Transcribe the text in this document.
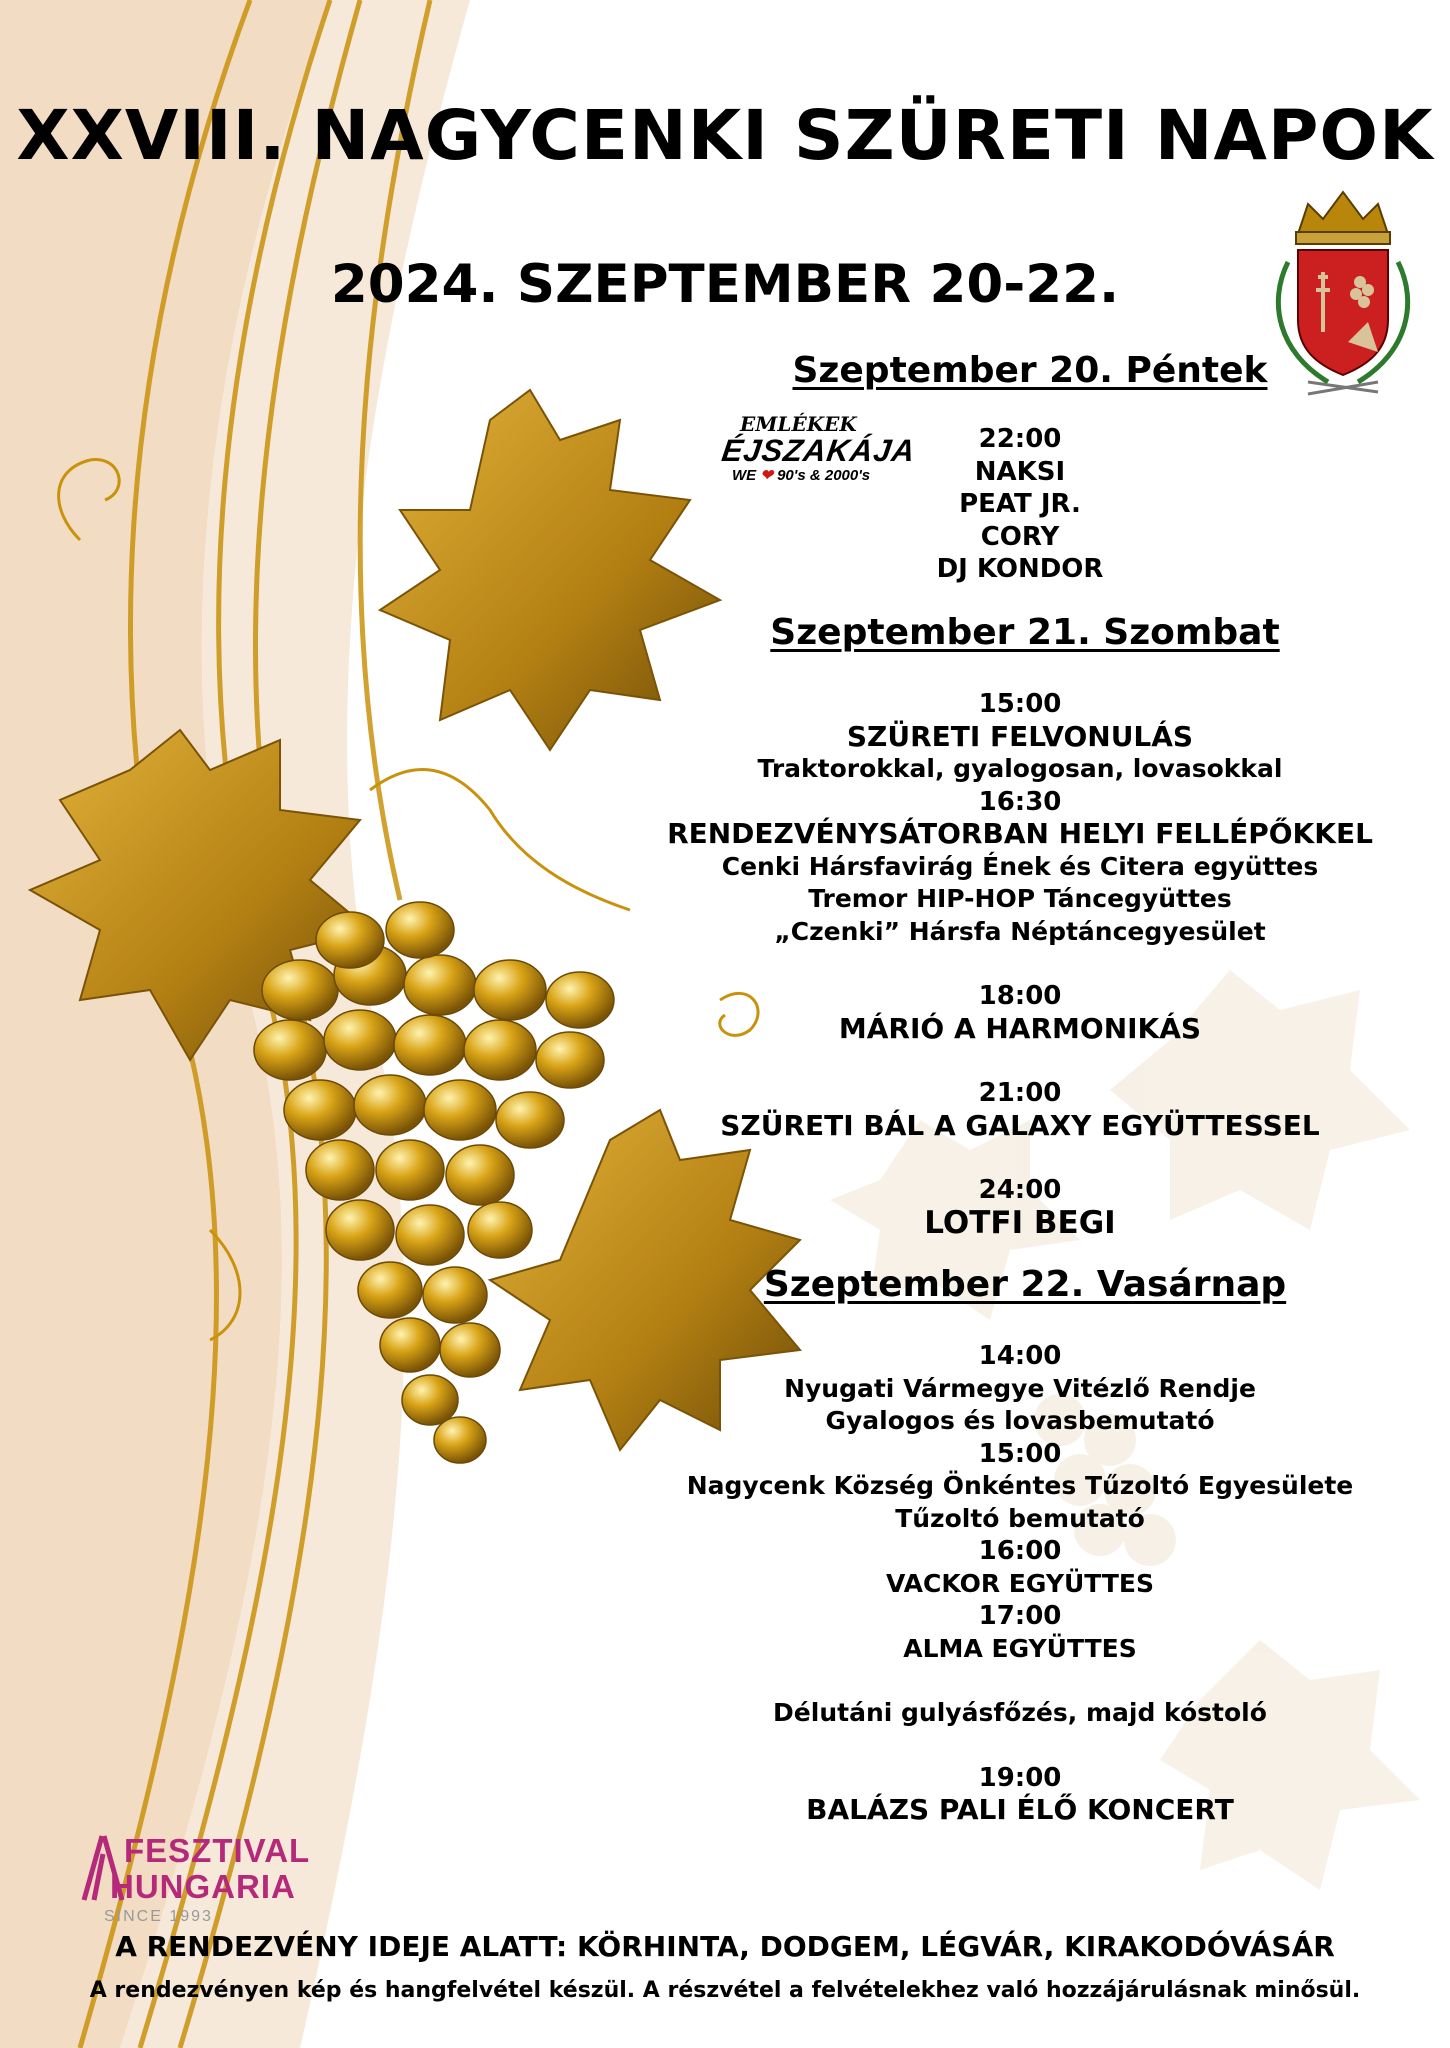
XXVIII. NAGYCENKI SZÜRETI NAPOK
2024. SZEPTEMBER 20-22.
Szeptember 20. Péntek
EMLÉKEK
ÉJSZAKÁJA
WE ❤ 90's & 2000's
22:00
NAKSI
PEAT JR.
CORY
DJ KONDOR
Szeptember 21. Szombat
15:00
SZÜRETI FELVONULÁS
Traktorokkal, gyalogosan, lovasokkal
16:30
RENDEZVÉNYSÁTORBAN HELYI FELLÉPŐKKEL
Cenki Hársfavirág Ének és Citera együttes
Tremor HIP-HOP Táncegyüttes
„Czenki” Hársfa Néptáncegyesület
18:00
MÁRIÓ A HARMONIKÁS
21:00
SZÜRETI BÁL A GALAXY EGYÜTTESSEL
24:00
LOTFI BEGI
Szeptember 22. Vasárnap
14:00
Nyugati Vármegye Vitézlő Rendje
Gyalogos és lovasbemutató
15:00
Nagycenk Község Önkéntes Tűzoltó Egyesülete
Tűzoltó bemutató
16:00
VACKOR EGYÜTTES
17:00
ALMA EGYÜTTES
Délutáni gulyásfőzés, majd kóstoló
19:00
BALÁZS PALI ÉLŐ KONCERT
FESZTIVAL
HUNGARIA
SINCE 1993
A RENDEZVÉNY IDEJE ALATT: KÖRHINTA, DODGEM, LÉGVÁR, KIRAKODÓVÁSÁR
A rendezvényen kép és hangfelvétel készül. A részvétel a felvételekhez való hozzájárulásnak minősül.
